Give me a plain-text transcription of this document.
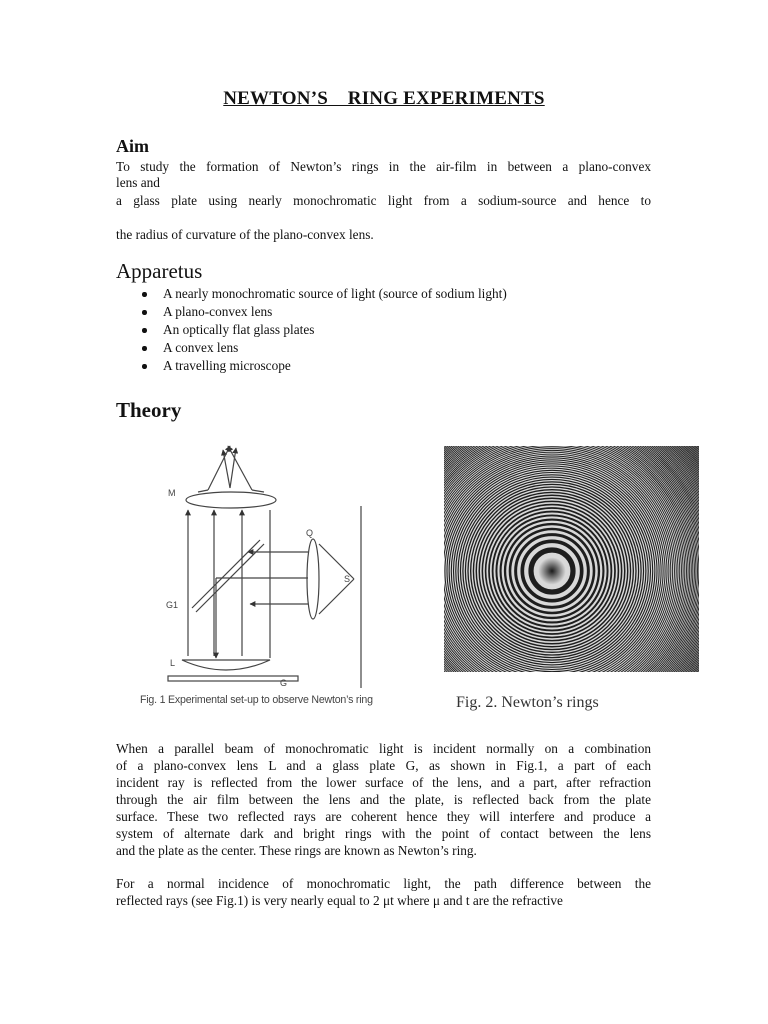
NEWTON’S    RING EXPERIMENTS
Aim
To study the formation of Newton’s rings in the air-film in between a plano-convex
lens and
a glass plate using nearly monochromatic light from a sodium-source and hence to
the radius of curvature of the plano-convex lens.
Apparetus
A nearly monochromatic source of light (source of sodium light)
A plano-convex lens
An optically flat glass plates
A convex lens
A travelling microscope
Theory
M
G1
L
G
Q
S
Fig. 1 Experimental set-up to observe Newton’s ring	Fig. 2. Newton’s rings
When a parallel beam of monochromatic light is incident normally on a combination
of a plano-convex lens L and a glass plate G, as shown in Fig.1, a part of each
incident ray is reflected from the lower surface of the lens, and a part, after refraction
through the air film between the lens and the plate, is reflected back from the plate
surface. These two reflected rays are coherent hence they will interfere and produce a
system of alternate dark and bright rings with the point of contact between the lens
and the plate as the center. These rings are known as Newton’s ring.
For a normal incidence of monochromatic light, the path difference between the
reflected rays (see Fig.1) is very nearly equal to 2 μt where μ and t are the refractive
